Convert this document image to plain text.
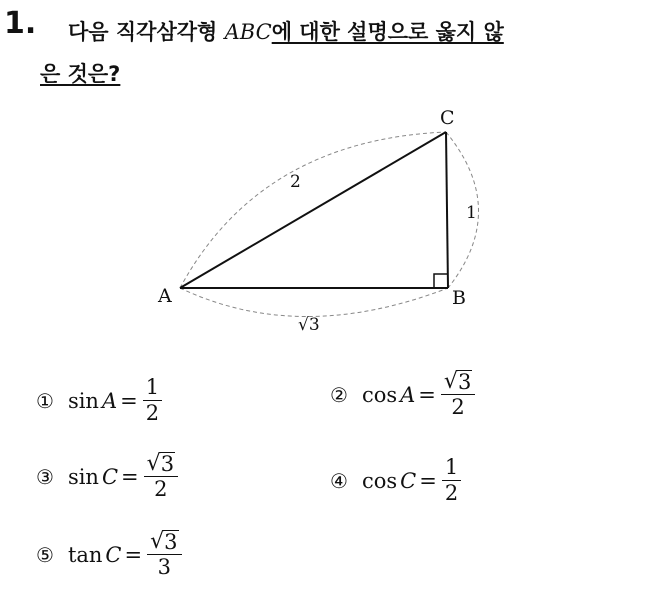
1. 다음 직각삼각형 ABC에 대한 설명으로 옳지 않
은 것은?
A	B
C
2
1
√3
① $\sin A = \frac{1}{2}$	② $\cos A = \frac{√ 3}{2}$
③ $\sin C = \frac{√ 3}{2}$	④ $\cos C = \frac{1}{2}$
⑤ $\tan C = \frac{√ 3}{3}$
